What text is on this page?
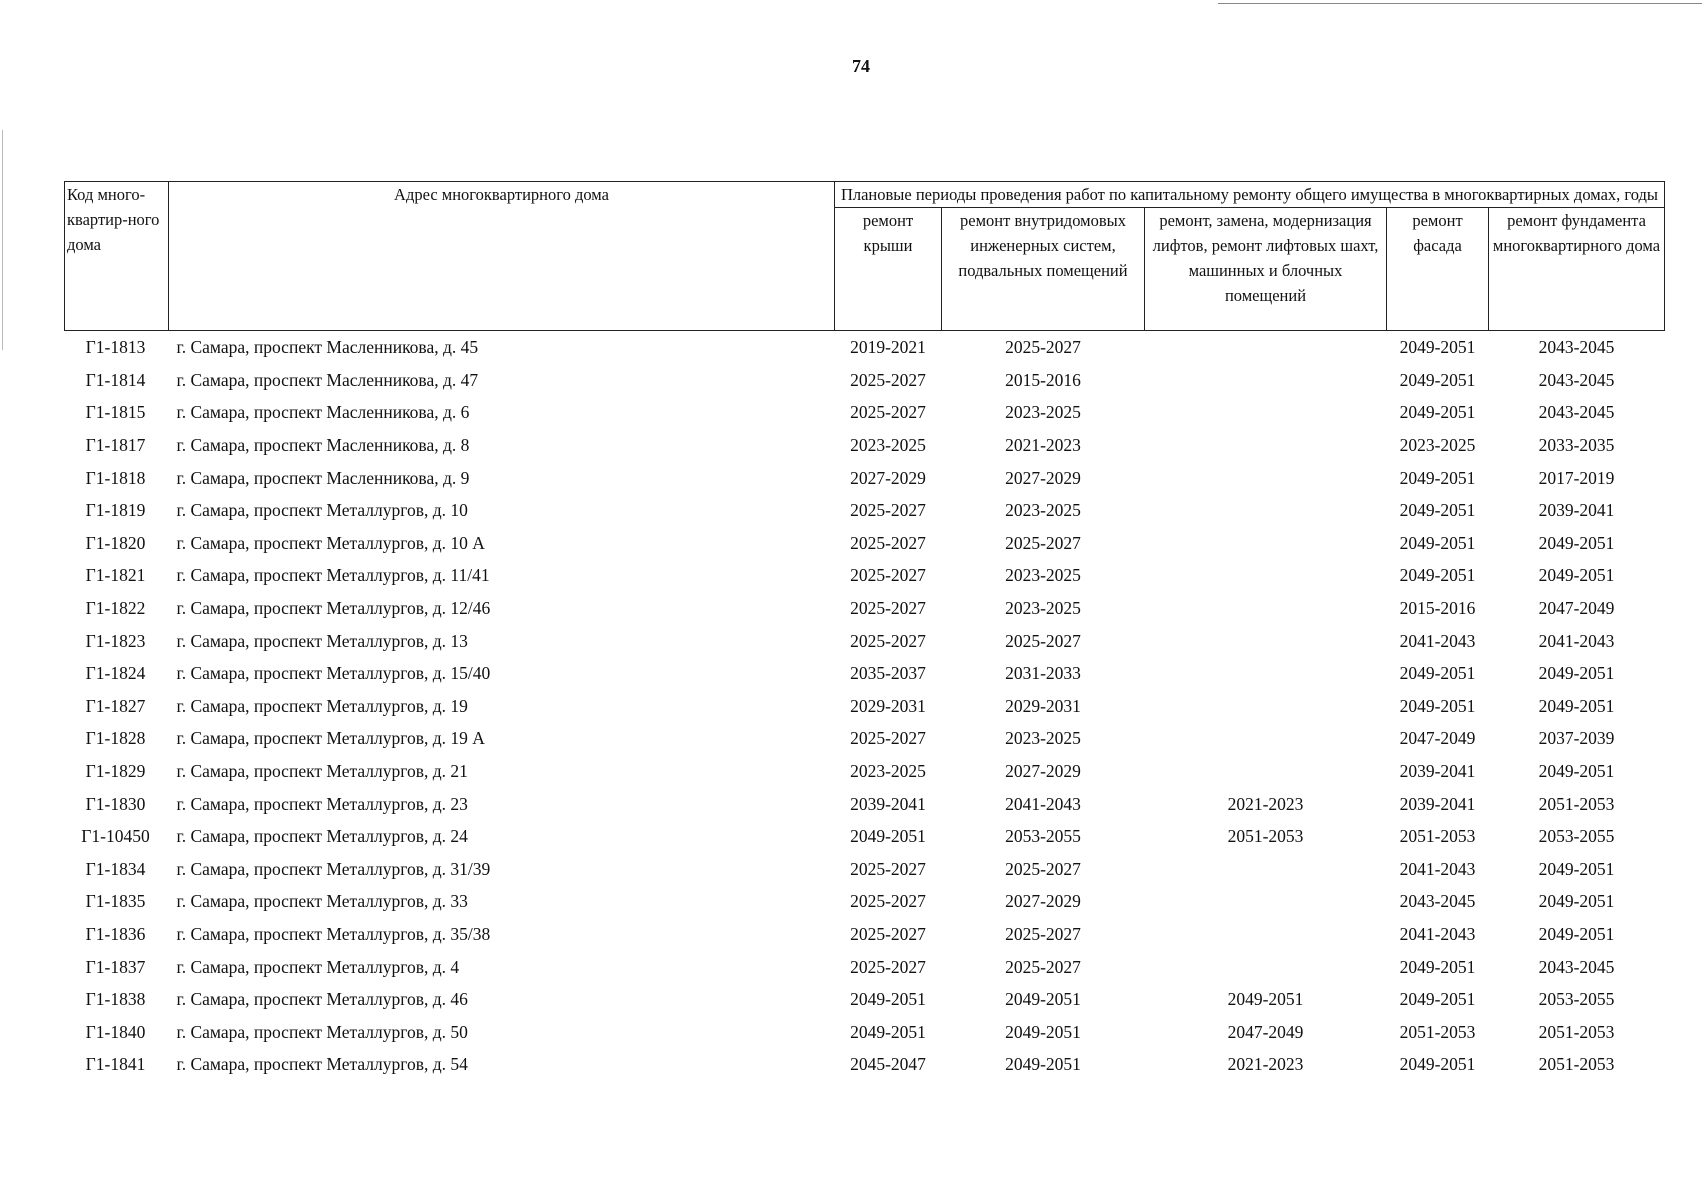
74
Код много-квартир-ного дома	Адрес многоквартирного дома	Плановые периоды проведения работ по капитальному ремонту общего имущества в многоквартирных домах, годы				
		ремонт крыши	ремонт внутридомовых инженерных систем, подвальных помещений	ремонт, замена, модернизация лифтов, ремонт лифтовых шахт, машинных и блочных помещений	ремонт фасада	ремонт фундамента многоквартирного дома
Г1-1813	г. Самара, проспект Масленникова, д. 45	2019-2021	2025-2027		2049-2051	2043-2045
Г1-1814	г. Самара, проспект Масленникова, д. 47	2025-2027	2015-2016		2049-2051	2043-2045
Г1-1815	г. Самара, проспект Масленникова, д. 6	2025-2027	2023-2025		2049-2051	2043-2045
Г1-1817	г. Самара, проспект Масленникова, д. 8	2023-2025	2021-2023		2023-2025	2033-2035
Г1-1818	г. Самара, проспект Масленникова, д. 9	2027-2029	2027-2029		2049-2051	2017-2019
Г1-1819	г. Самара, проспект Металлургов, д. 10	2025-2027	2023-2025		2049-2051	2039-2041
Г1-1820	г. Самара, проспект Металлургов, д. 10 А	2025-2027	2025-2027		2049-2051	2049-2051
Г1-1821	г. Самара, проспект Металлургов, д. 11/41	2025-2027	2023-2025		2049-2051	2049-2051
Г1-1822	г. Самара, проспект Металлургов, д. 12/46	2025-2027	2023-2025		2015-2016	2047-2049
Г1-1823	г. Самара, проспект Металлургов, д. 13	2025-2027	2025-2027		2041-2043	2041-2043
Г1-1824	г. Самара, проспект Металлургов, д. 15/40	2035-2037	2031-2033		2049-2051	2049-2051
Г1-1827	г. Самара, проспект Металлургов, д. 19	2029-2031	2029-2031		2049-2051	2049-2051
Г1-1828	г. Самара, проспект Металлургов, д. 19 А	2025-2027	2023-2025		2047-2049	2037-2039
Г1-1829	г. Самара, проспект Металлургов, д. 21	2023-2025	2027-2029		2039-2041	2049-2051
Г1-1830	г. Самара, проспект Металлургов, д. 23	2039-2041	2041-2043	2021-2023	2039-2041	2051-2053
Г1-10450	г. Самара, проспект Металлургов, д. 24	2049-2051	2053-2055	2051-2053	2051-2053	2053-2055
Г1-1834	г. Самара, проспект Металлургов, д. 31/39	2025-2027	2025-2027		2041-2043	2049-2051
Г1-1835	г. Самара, проспект Металлургов, д. 33	2025-2027	2027-2029		2043-2045	2049-2051
Г1-1836	г. Самара, проспект Металлургов, д. 35/38	2025-2027	2025-2027		2041-2043	2049-2051
Г1-1837	г. Самара, проспект Металлургов, д. 4	2025-2027	2025-2027		2049-2051	2043-2045
Г1-1838	г. Самара, проспект Металлургов, д. 46	2049-2051	2049-2051	2049-2051	2049-2051	2053-2055
Г1-1840	г. Самара, проспект Металлургов, д. 50	2049-2051	2049-2051	2047-2049	2051-2053	2051-2053
Г1-1841	г. Самара, проспект Металлургов, д. 54	2045-2047	2049-2051	2021-2023	2049-2051	2051-2053
